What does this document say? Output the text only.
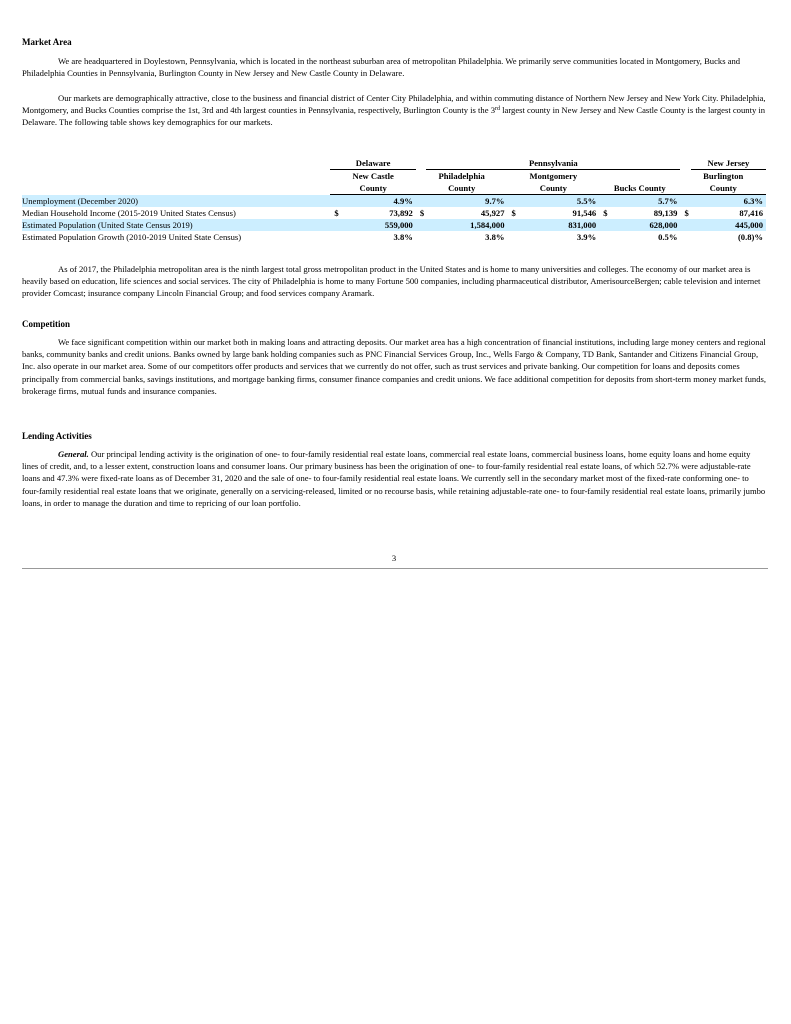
Market Area

We are headquartered in Doylestown, Pennsylvania, which is located in the northeast suburban area of metropolitan Philadelphia. We primarily serve communities located in Montgomery, Bucks and Philadelphia Counties in Pennsylvania, Burlington County in New Jersey and New Castle County in Delaware.

Our markets are demographically attractive, close to the business and financial district of Center City Philadelphia, and within commuting distance of Northern New Jersey and New York City. Philadelphia, Montgomery, and Bucks Counties comprise the 1st, 3rd and 4th largest counties in Pennsylvania, respectively, Burlington County is the 3rd largest county in New Jersey and New Castle County is the largest county in Delaware. The following table shows key demographics for our markets.

	Delaware			Pennsylvania						New Jersey
	New Castle		Philadelphia		Montgomery				Burlington	
	County		County		County		Bucks County		County	
Unemployment (December 2020)		4.9%		9.7%		5.5%		5.7%		6.3%
Median Household Income (2015-2019 United States Census)	$	73,892	$	45,927	$	91,546	$	89,139	$	87,416
Estimated Population (United State Census 2019)		559,000		1,584,000		831,000		628,000		445,000
Estimated Population Growth (2010-2019 United State Census)		3.8%		3.8%		3.9%		0.5%		(0.8)%

As of 2017, the Philadelphia metropolitan area is the ninth largest total gross metropolitan product in the United States and is home to many universities and colleges. The economy of our market area is heavily based on education, life sciences and social services. The city of Philadelphia is home to many Fortune 500 companies, including pharmaceutical distributor, AmerisourceBergen; cable television and internet provider Comcast; insurance company Lincoln Financial Group; and food services company Aramark.

Competition

We face significant competition within our market both in making loans and attracting deposits. Our market area has a high concentration of financial institutions, including large money centers and regional banks, community banks and credit unions. Banks owned by large bank holding companies such as PNC Financial Services Group, Inc., Wells Fargo & Company, TD Bank, Santander and Citizens Financial Group, Inc. also operate in our market area. Some of our competitors offer products and services that we currently do not offer, such as trust services and private banking. Our competition for loans and deposits comes principally from commercial banks, savings institutions, and mortgage banking firms, consumer finance companies and credit unions. We face additional competition for deposits from short-term money market funds, brokerage firms, mutual funds and insurance companies.

Lending Activities

General. Our principal lending activity is the origination of one- to four-family residential real estate loans, commercial real estate loans, commercial business loans, home equity loans and home equity lines of credit, and, to a lesser extent, construction loans and consumer loans. Our primary business has been the origination of one- to four-family residential real estate loans, of which 52.7% were adjustable-rate loans and 47.3% were fixed-rate loans as of December 31, 2020 and the sale of one- to four-family residential real estate loans. We currently sell in the secondary market most of the fixed-rate conforming one- to four-family residential real estate loans that we originate, generally on a servicing-released, limited or no recourse basis, while retaining adjustable-rate one- to four-family residential real estate loans, primarily jumbo loans, in order to manage the duration and time to repricing of our loan portfolio.

3
